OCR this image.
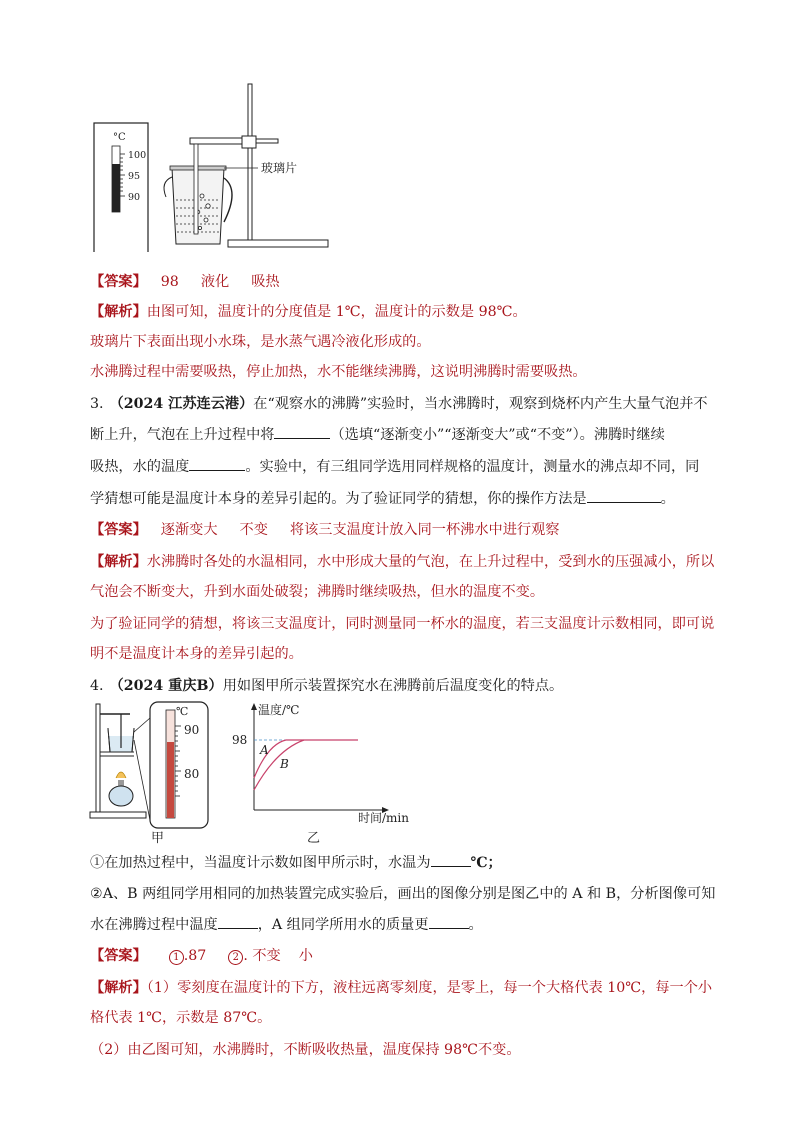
°C
100
95
90
玻璃片
【答案】 98 液化 吸热
【解析】由图可知，温度计的分度值是 1℃，温度计的示数是 98℃。
玻璃片下表面出现小水珠，是水蒸气遇冷液化形成的。
水沸腾过程中需要吸热，停止加热，水不能继续沸腾，这说明沸腾时需要吸热。
3. （2024 江苏连云港）在“观察水的沸腾”实验时，当水沸腾时，观察到烧杯内产生大量气泡并不
断上升，气泡在上升过程中将	（选填“逐渐变小”“逐渐变大”或“不变”）。沸腾时继续
吸热，水的温度	。实验中，有三组同学选用同样规格的温度计，测量水的沸点却不同，同
学猜想可能是温度计本身的差异引起的。为了验证同学的猜想，你的操作方法是	。
【答案】 逐渐变大 不变 将该三支温度计放入同一杯沸水中进行观察
【解析】水沸腾时各处的水温相同，水中形成大量的气泡，在上升过程中，受到水的压强减小，所以
气泡会不断变大，升到水面处破裂；沸腾时继续吸热，但水的温度不变。
为了验证同学的猜想，将该三支温度计，同时测量同一杯水的温度，若三支温度计示数相同，即可说
明不是温度计本身的差异引起的。
4. （2024 重庆B）用如图甲所示装置探究水在沸腾前后温度变化的特点。
℃
90
80
甲
温度/℃
时间/min
98
A
B
乙
①在加热过程中，当温度计示数如图甲所示时，水温为	℃；
②A、B 两组同学用相同的加热装置完成实验后，画出的图像分别是图乙中的 A 和 B，分析图像可知
水在沸腾过程中温度	，A 组同学所用水的质量更	。
【答案】	1 .87	2 . 不变 小
【解析】（1）零刻度在温度计的下方，液柱远离零刻度，是零上，每一个大格代表 10℃，每一个小
格代表 1℃，示数是 87℃。
（2）由乙图可知，水沸腾时，不断吸收热量，温度保持 98℃不变。
